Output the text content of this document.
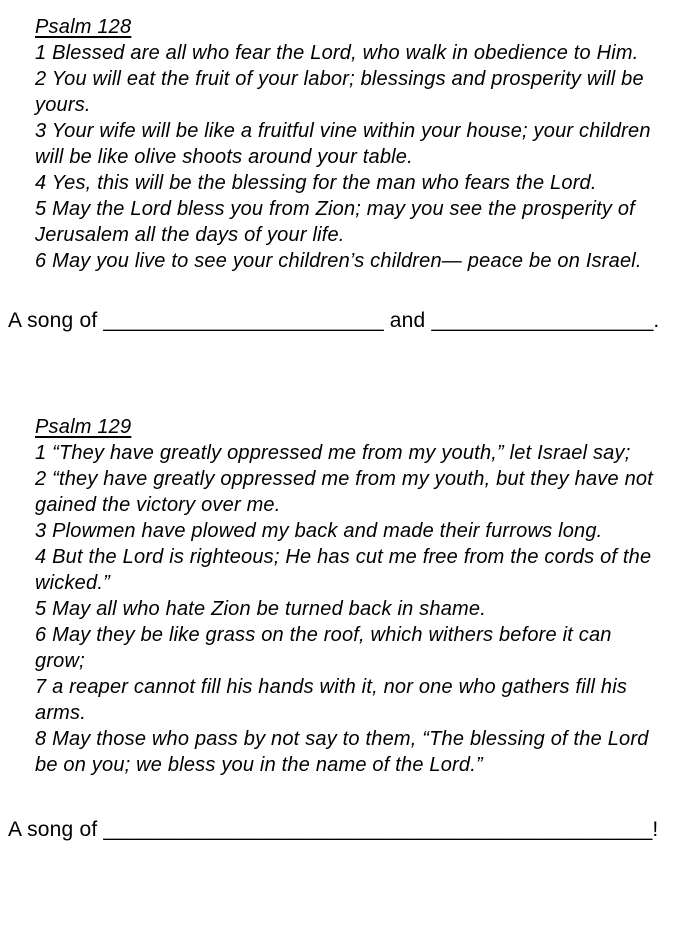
Psalm 128

1 Blessed are all who fear the Lord, who walk in obedience to Him.

2 You will eat the fruit of your labor; blessings and prosperity will be yours.

3 Your wife will be like a fruitful vine within your house; your children will be like olive shoots around your table.

4 Yes, this will be the blessing for the man who fears the Lord.

5 May the Lord bless you from Zion; may you see the prosperity of Jerusalem all the days of your life.

6 May you live to see your children’s children— peace be on Israel.

A song of ________________________ and ___________________.

Psalm 129

1 “They have greatly oppressed me from my youth,” let Israel say;

2 “they have greatly oppressed me from my youth, but they have not gained the victory over me.

3 Plowmen have plowed my back and made their furrows long.

4 But the Lord is righteous; He has cut me free from the cords of the wicked.”

5 May all who hate Zion be turned back in shame.

6 May they be like grass on the roof, which withers before it can grow;

7 a reaper cannot fill his hands with it, nor one who gathers fill his arms.

8 May those who pass by not say to them, “The blessing of the Lord be on you; we bless you in the name of the Lord.”

A song of _______________________________________________!
